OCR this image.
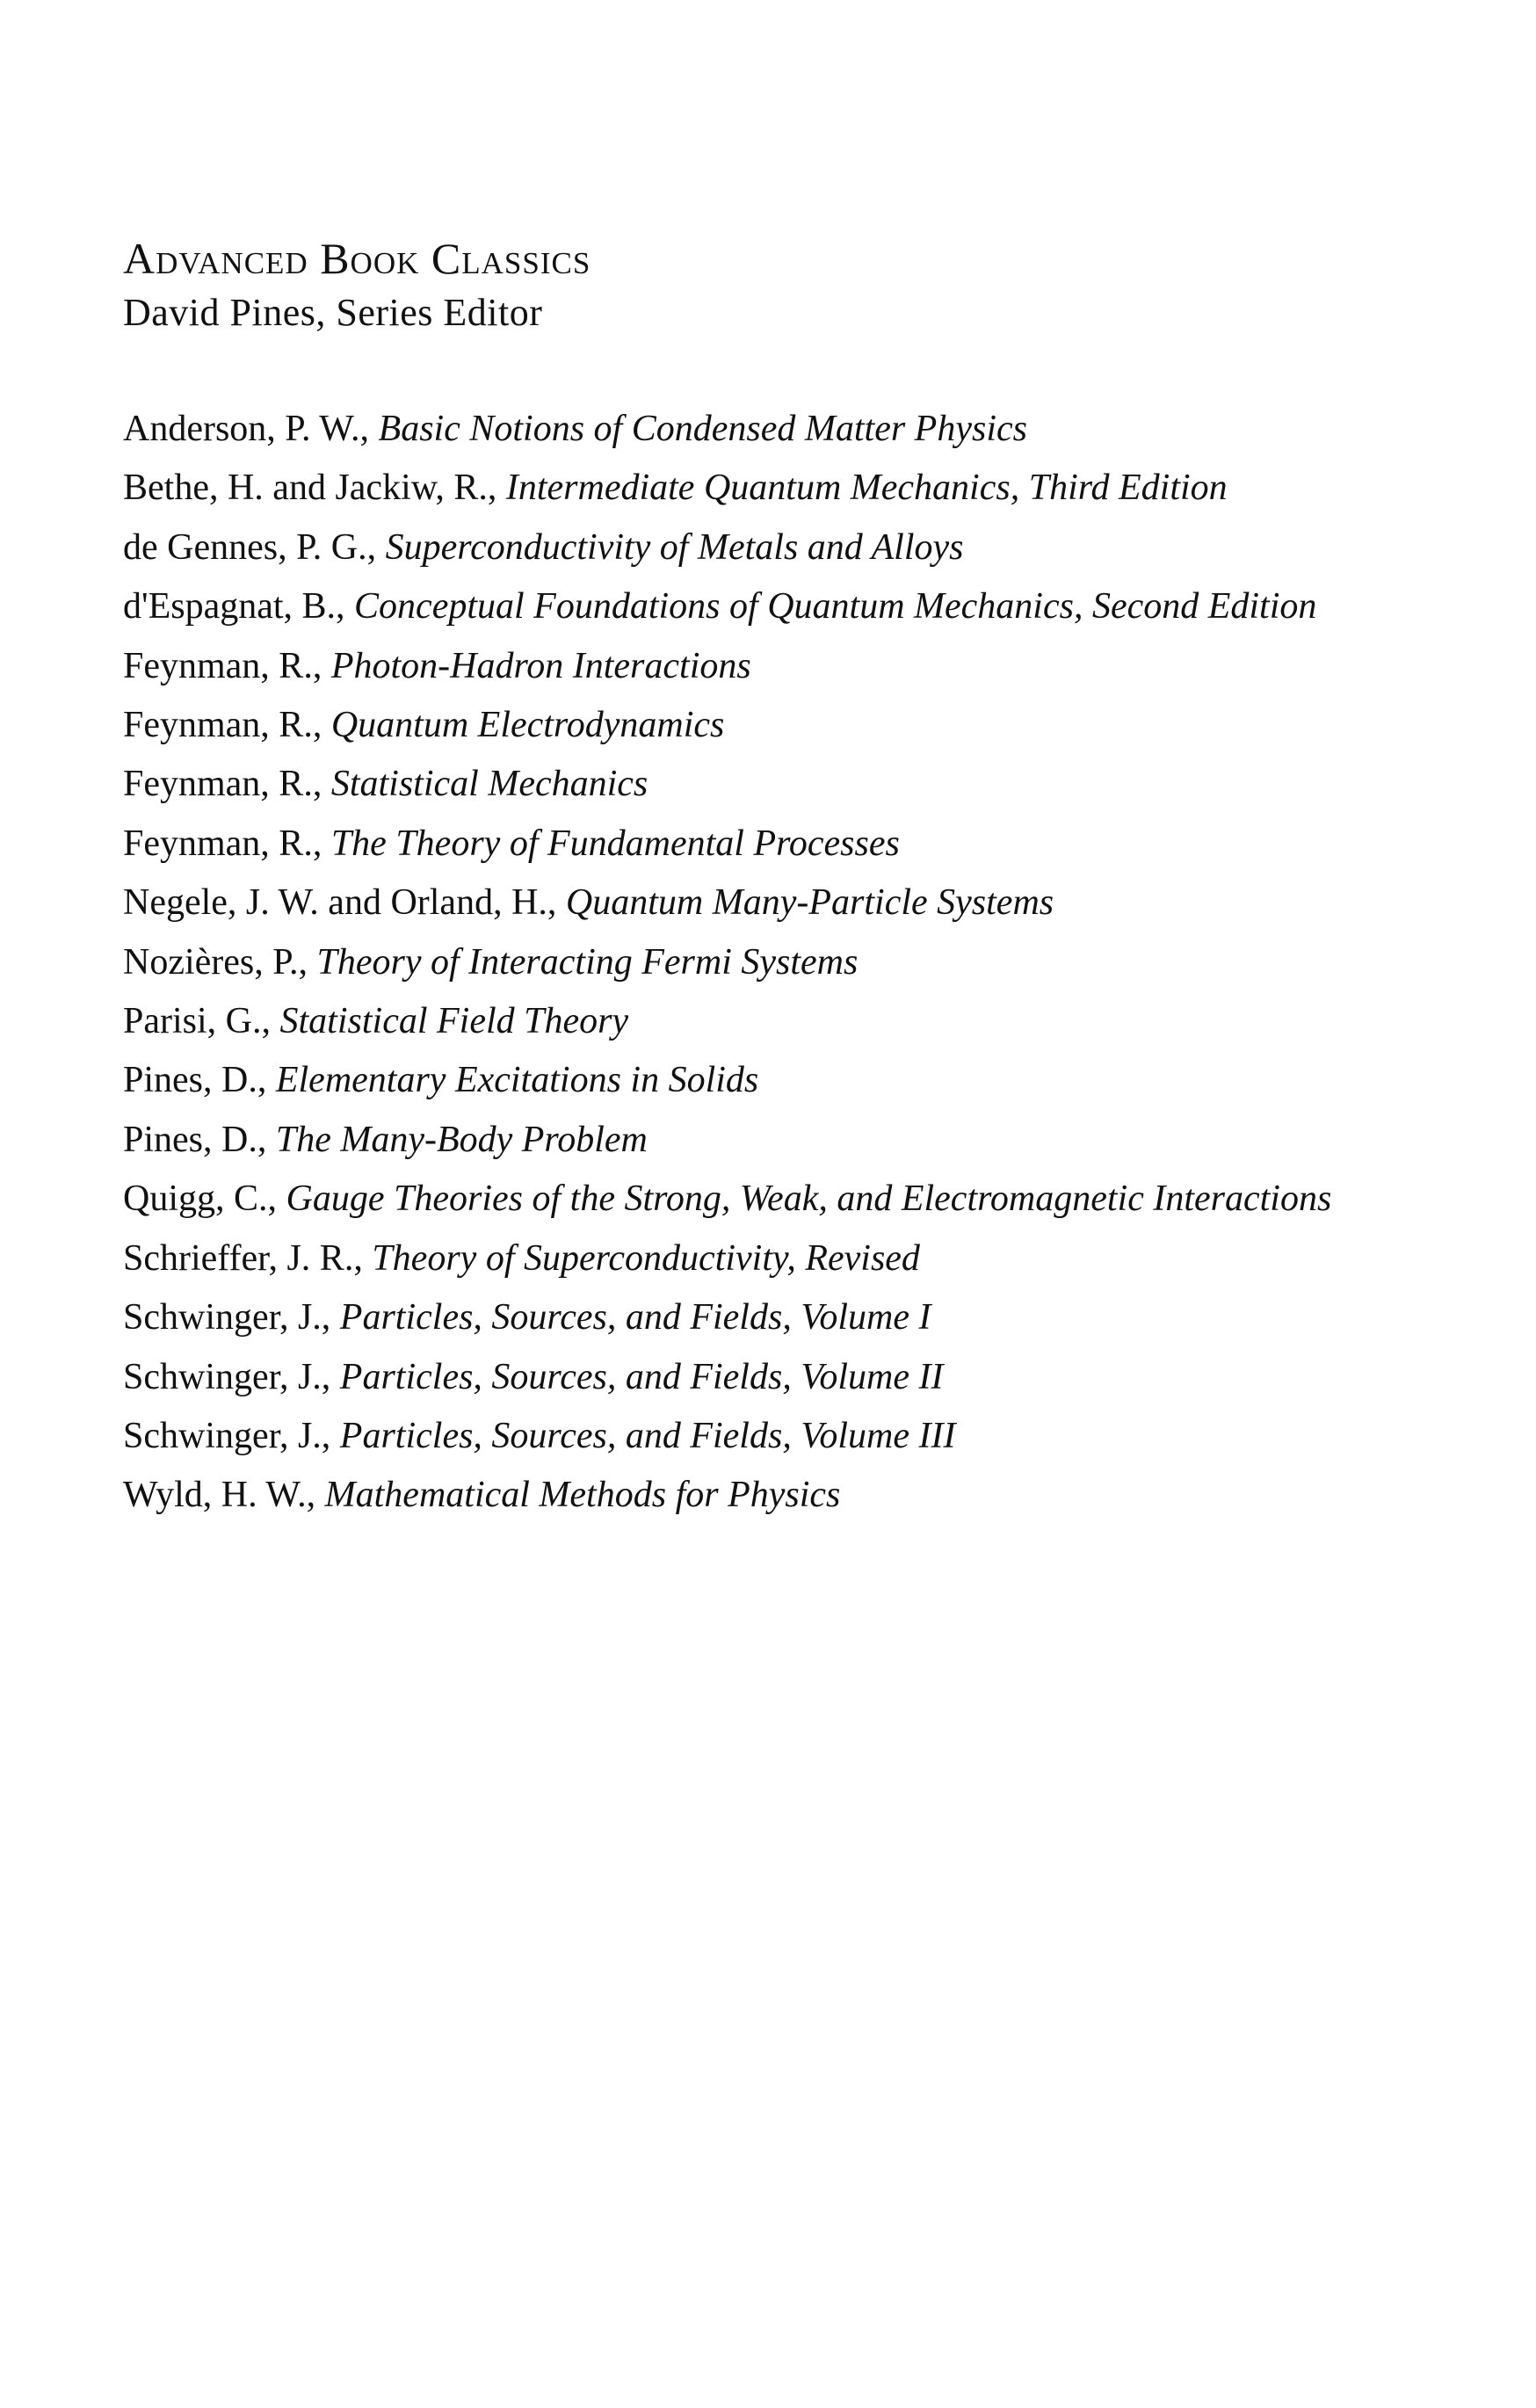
Advanced Book Classics

David Pines, Series Editor

Anderson, P. W., Basic Notions of Condensed Matter Physics
Bethe, H. and Jackiw, R., Intermediate Quantum Mechanics, Third Edition
de Gennes, P. G., Superconductivity of Metals and Alloys
d'Espagnat, B., Conceptual Foundations of Quantum Mechanics, Second Edition
Feynman, R., Photon-Hadron Interactions
Feynman, R., Quantum Electrodynamics
Feynman, R., Statistical Mechanics
Feynman, R., The Theory of Fundamental Processes
Negele, J. W. and Orland, H., Quantum Many-Particle Systems
Nozières, P., Theory of Interacting Fermi Systems
Parisi, G., Statistical Field Theory
Pines, D., Elementary Excitations in Solids
Pines, D., The Many-Body Problem
Quigg, C., Gauge Theories of the Strong, Weak, and Electromagnetic Interactions
Schrieffer, J. R., Theory of Superconductivity, Revised
Schwinger, J., Particles, Sources, and Fields, Volume I
Schwinger, J., Particles, Sources, and Fields, Volume II
Schwinger, J., Particles, Sources, and Fields, Volume III
Wyld, H. W., Mathematical Methods for Physics
